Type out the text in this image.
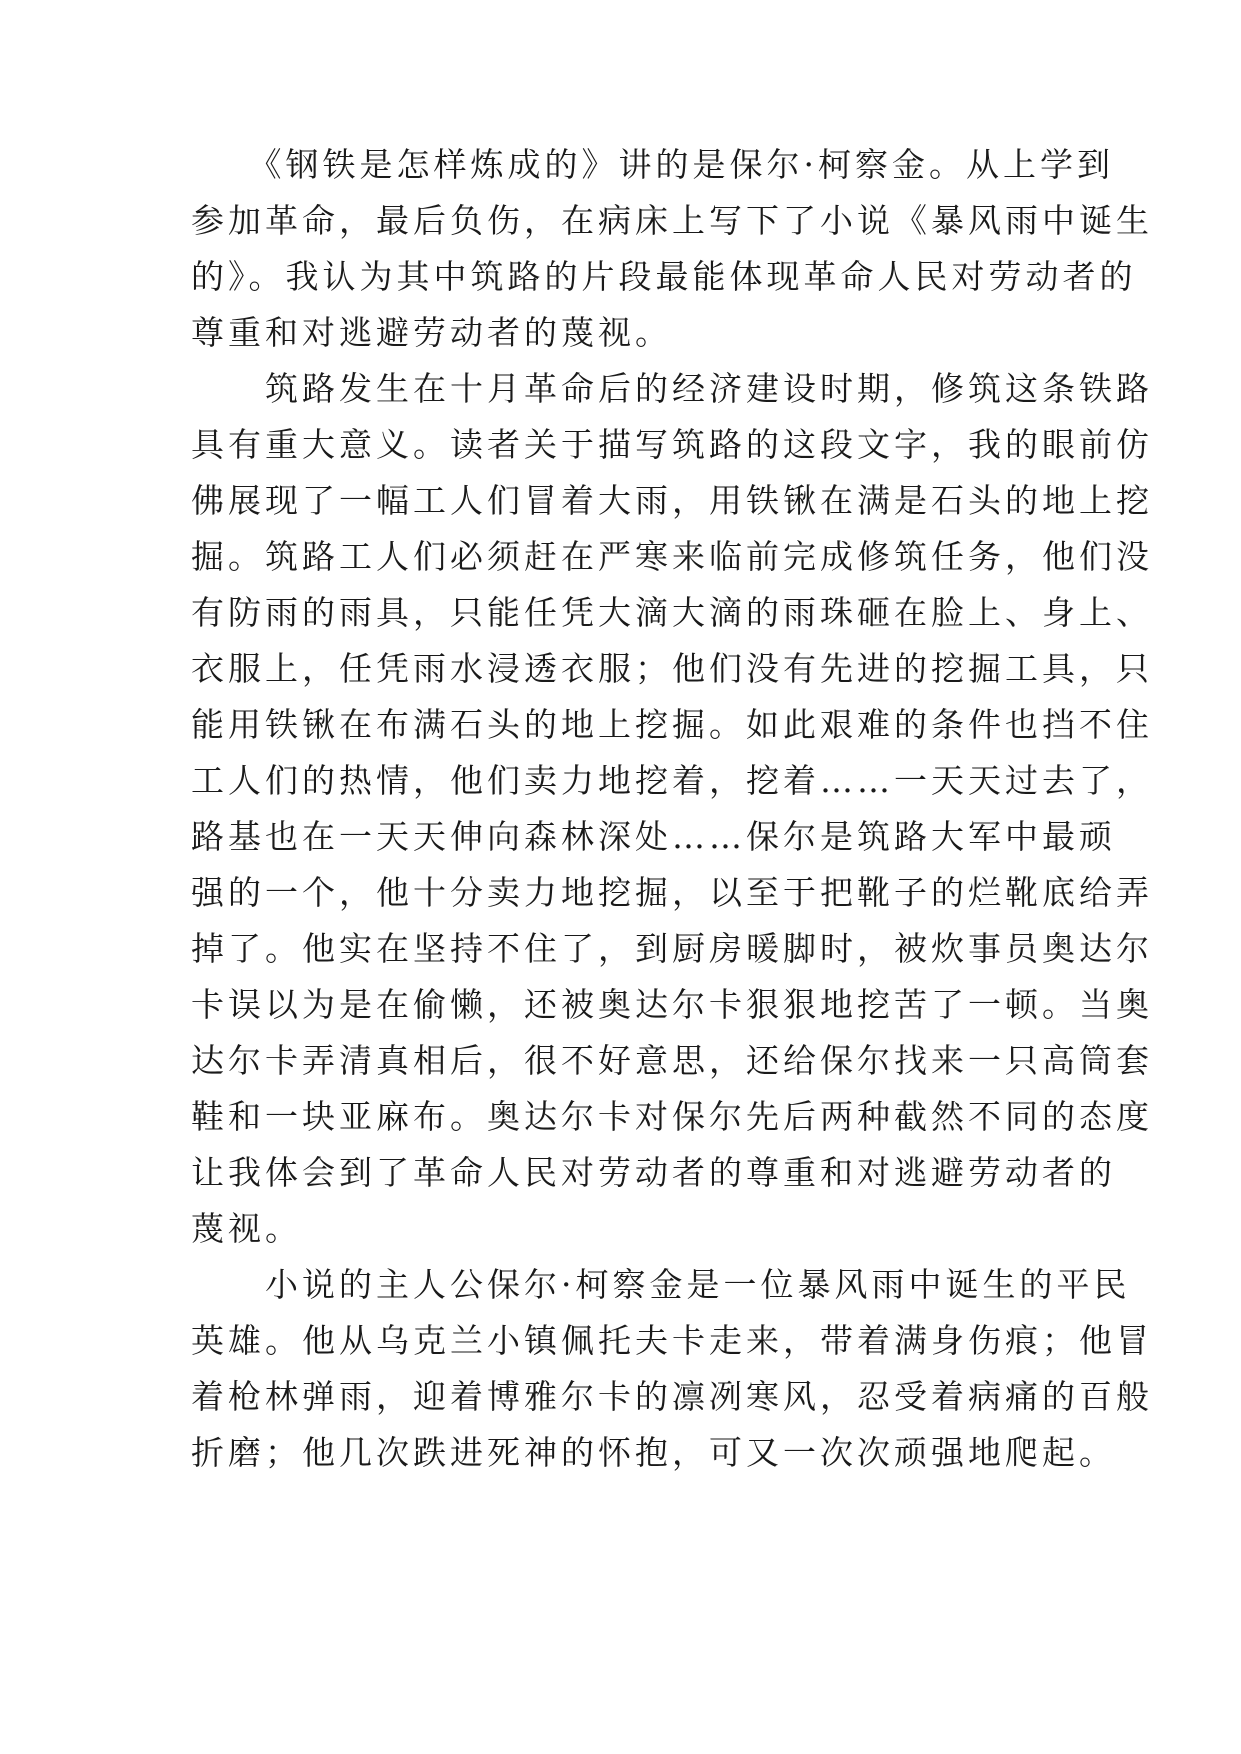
　　《钢铁是怎样炼成的》讲的是保尔·柯察金。从上学到
参加革命，最后负伤，在病床上写下了小说《暴风雨中诞生
的》。我认为其中筑路的片段最能体现革命人民对劳动者的
尊重和对逃避劳动者的蔑视。
　　筑路发生在十月革命后的经济建设时期，修筑这条铁路
具有重大意义。读者关于描写筑路的这段文字，我的眼前仿
佛展现了一幅工人们冒着大雨，用铁锹在满是石头的地上挖
掘。筑路工人们必须赶在严寒来临前完成修筑任务，他们没
有防雨的雨具，只能任凭大滴大滴的雨珠砸在脸上、身上、
衣服上，任凭雨水浸透衣服；他们没有先进的挖掘工具，只
能用铁锹在布满石头的地上挖掘。如此艰难的条件也挡不住
工人们的热情，他们卖力地挖着，挖着……一天天过去了，
路基也在一天天伸向森林深处……保尔是筑路大军中最顽
强的一个，他十分卖力地挖掘，以至于把靴子的烂靴底给弄
掉了。他实在坚持不住了，到厨房暖脚时，被炊事员奥达尔
卡误以为是在偷懒，还被奥达尔卡狠狠地挖苦了一顿。当奥
达尔卡弄清真相后，很不好意思，还给保尔找来一只高筒套
鞋和一块亚麻布。奥达尔卡对保尔先后两种截然不同的态度
让我体会到了革命人民对劳动者的尊重和对逃避劳动者的
蔑视。
　　小说的主人公保尔·柯察金是一位暴风雨中诞生的平民
英雄。他从乌克兰小镇佩托夫卡走来，带着满身伤痕；他冒
着枪林弹雨，迎着博雅尔卡的凛冽寒风，忍受着病痛的百般
折磨；他几次跌进死神的怀抱，可又一次次顽强地爬起。
